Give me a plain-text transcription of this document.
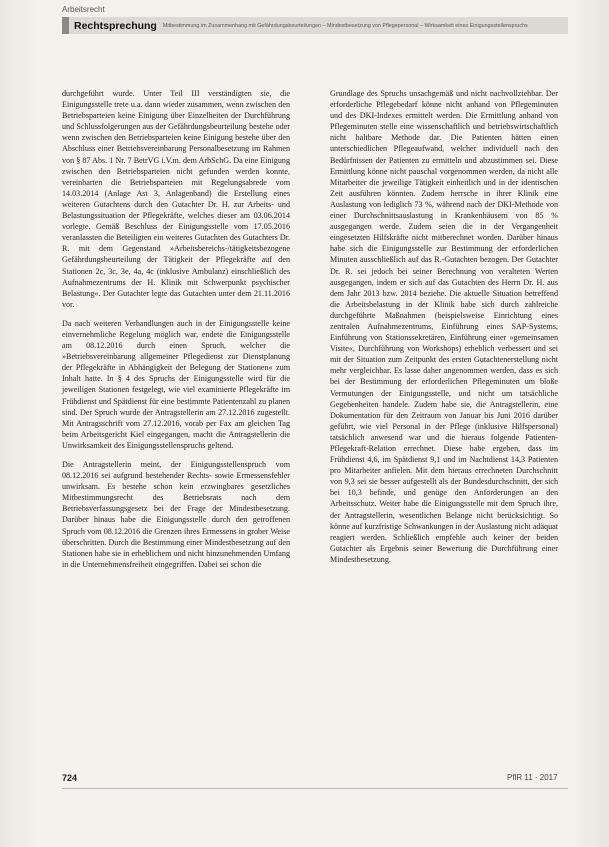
Arbeitsrecht
Rechtsprechung Mitbestimmung im Zusammenhang mit Gefährdungsbeurteilungen – Mindestbesetzung von Pflegepersonal – Wirksamkeit eines Einigungsstellenspruchs

durchgeführt wurde. Unter Teil III verständigten sie, die Einigungsstelle trete u.a. dann wieder zusammen, wenn zwischen den Betriebsparteien keine Einigung über Einzelheiten der Durchführung und Schlussfolgerungen aus der Gefährdungsbeurteilung bestehe oder wenn zwischen den Betriebsparteien keine Einigung bestehe über den Abschluss einer Betriebsvereinbarung Personalbesetzung im Rahmen von § 87 Abs. 1 Nr. 7 BetrVG i.V.m. dem ArbSchG. Da eine Einigung zwischen den Betriebsparteien nicht gefunden werden konnte, vereinbarten die Betriebsparteien mit Regelungsabrede vom 14.03.2014 (Anlage Ast 3, Anlagenband) die Erstellung eines weiteren Gutachtens durch den Gutachter Dr. H. zur Arbeits- und Belastungssituation der Pflegekräfte, welches dieser am 03.06.2014 vorlegte. Gemäß Beschluss der Einigungsstelle vom 17.05.2016 veranlassten die Beteiligten ein weiteres Gutachten des Gutachters Dr. R. mit dem Gegenstand »Arbeitsbereichs-/tätigkeitsbezogene Gefährdungsbeurteilung der Tätigkeit der Pflegekräfte auf den Stationen 2c, 3c, 3e, 4a, 4c (inklusive Ambulanz) einschließlich des Aufnahmezentrums der H. Klinik mit Schwerpunkt psychischer Belastung«. Der Gutachter legte das Gutachten unter dem 21.11.2016 vor.

Da nach weiteren Verhandlungen auch in der Einigungsstelle keine einvernehmliche Regelung möglich war, endete die Einigungsstelle am 08.12.2016 durch einen Spruch, welcher die »Betriebsvereinbarung allgemeiner Pflegedienst zur Dienstplanung der Pflegekräfte in Abhängigkeit der Belegung der Stationen« zum Inhalt hatte. In § 4 des Spruchs der Einigungsstelle wird für die jeweiligen Stationen festgelegt, wie viel examinierte Pflegekräfte im Frühdienst und Spätdienst für eine bestimmte Patientenzahl zu planen sind. Der Spruch wurde der Antragstellerin am 27.12.2016 zugestellt. Mit Antragsschrift vom 27.12.2016, vorab per Fax am gleichen Tag beim Arbeitsgericht Kiel eingegangen, macht die Antragstellerin die Unwirksamkeit des Einigungsstellenspruchs geltend.

Die Antragstellerin meint, der Einigungsstellenspruch vom 08.12.2016 sei aufgrund bestehender Rechts- sowie Ermessensfehler unwirksam. Es bestehe schon kein erzwingbares gesetzliches Mitbestimmungsrecht des Betriebsrats nach dem Betriebsverfassungsgesetz bei der Frage der Mindestbesetzung. Darüber hinaus habe die Einigungsstelle durch den getroffenen Spruch vom 08.12.2016 die Grenzen ihres Ermessens in grober Weise überschritten. Durch die Bestimmung einer Mindestbesetzung auf den Stationen habe sie in erheblichem und nicht hinzunehmenden Umfang in die Unternehmensfreiheit eingegriffen. Dabei sei schon die

Grundlage des Spruchs unsachgemäß und nicht nachvollziehbar. Der erforderliche Pflegebedarf könne nicht anhand von Pflegeminuten und des DKI-Indexes ermittelt werden. Die Ermittlung anhand von Pflegeminuten stelle eine wissenschaftlich und betriebswirtschaftlich nicht haltbare Methode dar. Die Patienten hätten einen unterschiedlichen Pflegeaufwand, welcher individuell nach den Bedürfnissen der Patienten zu ermitteln und abzustimmen sei. Diese Ermittlung könne nicht pauschal vorgenommen werden, da nicht alle Mitarbeiter die jeweilige Tätigkeit einheitlich und in der identischen Zeit ausführen könnten. Zudem herrsche in ihrer Klinik eine Auslastung von lediglich 73 %, während nach der DKI-Methode von einer Durchschnittsauslastung in Krankenhäusern von 85 % ausgegangen werde. Zudem seien die in der Vergangenheit eingesetzten Hilfskräfte nicht mitberechnet worden. Darüber hinaus habe sich die Einigungsstelle zur Bestimmung der erforderlichen Minuten ausschließlich auf das R.-Gutachten bezogen. Der Gutachter Dr. R. sei jedoch bei seiner Berechnung von veralteten Werten ausgegangen, indem er sich auf das Gutachten des Herrn Dr. H. aus dem Jahr 2013 bzw. 2014 beziehe. Die aktuelle Situation betreffend die Arbeitsbelastung in der Klinik habe sich durch zahlreiche durchgeführte Maßnahmen (beispielsweise Einrichtung eines zentralen Aufnahmezentrums, Einführung eines SAP-Systems, Einführung von Stationssekretären, Einführung einer »gemeinsamen Visite«, Durchführung von Workshops) erheblich verbessert und sei mit der Situation zum Zeitpunkt des ersten Gutachtenerstellung nicht mehr vergleichbar. Es lasse daher angenommen werden, dass es sich bei der Bestimmung der erforderlichen Pflegeminuten um bloße Vermutungen der Einigungsstelle, und nicht um tatsächliche Gegebenheiten handele. Zudem habe sie, die Antragstellerin, eine Dokumentation für den Zeitraum von Januar bis Juni 2016 darüber geführt, wie viel Personal in der Pflege (inklusive Hilfspersonal) tatsächlich anwesend war und die hieraus folgende Patienten-Pflegekraft-Relation errechnet. Diese habe ergeben, dass im Frühdienst 4,6, im Spätdienst 9,1 und im Nachtdienst 14,3 Patienten pro Mitarbeiter anfielen. Mit dem hieraus errechneten Durchschnitt von 9,3 sei sie besser aufgestellt als der Bundesdurchschnitt, der sich bei 10,3 befinde, und genüge den Anforderungen an den Arbeitsschutz. Weiter habe die Einigungsstelle mit dem Spruch ihre, der Antragstellerin, wesentlichen Belange nicht berücksichtigt. So könne auf kurzfristige Schwankungen in der Auslastung nicht adäquat reagiert werden. Schließlich empfehle auch keiner der beiden Gutachter als Ergebnis seiner Bewertung die Durchführung einer Mindestbesetzung.

724	PflR 11 · 2017
